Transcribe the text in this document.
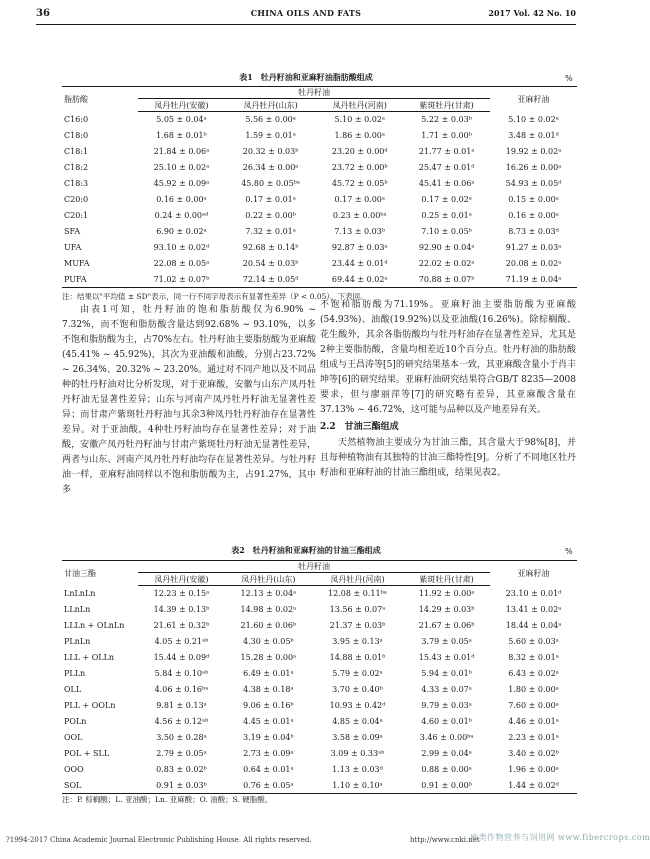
36	CHINA OILS AND FATS	2017 Vol. 42 No. 10
表1　牡丹籽油和亚麻籽油脂肪酸组成	%
脂肪酸	牡丹籽油				亚麻籽油
	凤丹牡丹(安徽)	凤丹牡丹(山东)	凤丹牡丹(河南)	紫斑牡丹(甘肃)	
C16:0	5.05 ± 0.04ᵃ	5.56 ± 0.00ᵃ	5.10 ± 0.02ᵃ	5.22 ± 0.03ᵇ	5.10 ± 0.02ᵃ
C18:0	1.68 ± 0.01ᵇ	1.59 ± 0.01ᵃ	1.86 ± 0.00ᵃ	1.71 ± 0.00ᵇ	3.48 ± 0.01ᵈ
C18:1	21.84 ± 0.06ᵃ	20.32 ± 0.03ᵇ	23.20 ± 0.00ᵈ	21.77 ± 0.01ᵃ	19.92 ± 0.02ᵃ
C18:2	25.10 ± 0.02ᵃ	26.34 ± 0.00ᵃ	23.72 ± 0.00ᵇ	25.47 ± 0.01ᵈ	16.26 ± 0.00ᵃ
C18:3	45.92 ± 0.09ᵃ	45.80 ± 0.05ᵇᵃ	45.72 ± 0.05ᵇ	45.41 ± 0.06ᵃ	54.93 ± 0.05ᵈ
C20:0	0.16 ± 0.00ᵃ	0.17 ± 0.01ᵃ	0.17 ± 0.00ᵃ	0.17 ± 0.02ᵃ	0.15 ± 0.00ᵃ
C20:1	0.24 ± 0.00ᵃᵈ	0.22 ± 0.00ᵇ	0.23 ± 0.00ᵇᵃ	0.25 ± 0.01ᵃ	0.16 ± 0.00ᵃ
SFA	6.90 ± 0.02ᵃ	7.32 ± 0.01ᵃ	7.13 ± 0.03ᵇ	7.10 ± 0.05ᵇ	8.73 ± 0.03ᵈ
UFA	93.10 ± 0.02ᵈ	92.68 ± 0.14ᵇ	92.87 ± 0.03ᵃ	92.90 ± 0.04ᵃ	91.27 ± 0.03ᵃ
MUFA	22.08 ± 0.05ᵃ	20.54 ± 0.03ᵇ	23.44 ± 0.01ᵈ	22.02 ± 0.02ᵃ	20.08 ± 0.02ᵃ
PUFA	71.02 ± 0.07ᵇ	72.14 ± 0.05ᵈ	69.44 ± 0.02ᵃ	70.88 ± 0.07ᵇ	71.19 ± 0.04ᵃ
注：结果以"平均值 ± SD"表示，同一行不同字母表示有显著性差异（P < 0.05）。下表同。

由表1可知，牡丹籽油的饱和脂肪酸仅为6.90% ~ 7.32%，而不饱和脂肪酸含量达到92.68% ~ 93.10%，以多不饱和脂肪酸为主，占70%左右。牡丹籽油主要脂肪酸为亚麻酸(45.41% ~ 45.92%)，其次为亚油酸和油酸，分别占23.72% ~ 26.34%、20.32% ~ 23.20%。通过对不同产地以及不同品种的牡丹籽油对比分析发现，对于亚麻酸，安徽与山东产凤丹牡丹籽油无显著性差异；山东与河南产凤丹牡丹籽油无显著性差异；而甘肃产紫斑牡丹籽油与其余3种凤丹牡丹籽油存在显著性差异。对于亚油酸，4种牡丹籽油均存在显著性差异；对于油酸，安徽产凤丹牡丹籽油与甘肃产紫斑牡丹籽油无显著性差异，两者与山东、河南产凤丹牡丹籽油均存在显著性差异。与牡丹籽油一样，亚麻籽油同样以不饱和脂肪酸为主，占91.27%，其中多

不饱和脂肪酸为71.19%。亚麻籽油主要脂肪酸为亚麻酸(54.93%)、油酸(19.92%)以及亚油酸(16.26%)。除棕榈酸、花生酸外，其余各脂肪酸均与牡丹籽油存在显著性差异，尤其是2种主要脂肪酸，含量均相差近10个百分点。牡丹籽油的脂肪酸组成与王昌涛等[5]的研究结果基本一致，其亚麻酸含量小于肖丰坤等[6]的研究结果。亚麻籽油研究结果符合GB/T 8235—2008要求，但与廖丽萍等[7]的研究略有差异，其亚麻酸含量在37.13% ~ 46.72%，这可能与品种以及产地差异有关。

2.2　甘油三酯组成

天然植物油主要成分为甘油三酯，其含量大于98%[8]，并且每种植物油有其独特的甘油三酯特性[9]。分析了不同地区牡丹籽油和亚麻籽油的甘油三酯组成，结果见表2。

表2　牡丹籽油和亚麻籽油的甘油三酯组成	%
甘油三酯	牡丹籽油				亚麻籽油
	凤丹牡丹(安徽)	凤丹牡丹(山东)	凤丹牡丹(河南)	紫斑牡丹(甘肃)	
LnLnLn	12.23 ± 0.15ᵃ	12.13 ± 0.04ᵃ	12.08 ± 0.11ᵇᵃ	11.92 ± 0.00ᵃ	23.10 ± 0.01ᵈ
LLnLn	14.39 ± 0.13ᵇ	14.98 ± 0.02ᵃ	13.56 ± 0.07ᵃ	14.29 ± 0.03ᵇ	13.41 ± 0.02ᵃ
LLLn + OLnLn	21.61 ± 0.32ᵇ	21.60 ± 0.06ᵇ	21.37 ± 0.03ᵇ	21.67 ± 0.06ᵇ	18.44 ± 0.04ᵃ
PLnLn	4.05 ± 0.21ᵃᵇ	4.30 ± 0.05ᵇ	3.95 ± 0.13ᵃ	3.79 ± 0.05ᵃ	5.60 ± 0.03ᵃ
LLL + OLLn	15.44 ± 0.09ᵈ	15.28 ± 0.00ᵃ	14.88 ± 0.01ᵇ	15.43 ± 0.01ᵈ	8.32 ± 0.01ᵃ
PLLn	5.84 ± 0.10ᵃᵇ	6.49 ± 0.01ᵃ	5.79 ± 0.02ᵃ	5.94 ± 0.01ᵇ	6.43 ± 0.02ᵃ
OLL	4.06 ± 0.16ᵇᵃ	4.38 ± 0.18ᵃ	3.70 ± 0.40ᵇ	4.33 ± 0.07ᵃ	1.80 ± 0.00ᵃ
PLL + OOLn	9.81 ± 0.13ᵃ	9.06 ± 0.16ᵇ	10.93 ± 0.42ᵈ	9.79 ± 0.03ᵃ	7.60 ± 0.00ᵃ
POLn	4.56 ± 0.12ᵃᵇ	4.45 ± 0.01ᵃ	4.85 ± 0.04ᵃ	4.60 ± 0.01ᵇ	4.46 ± 0.01ᵃ
OOL	3.50 ± 0.28ᵃ	3.19 ± 0.04ᵇ	3.58 ± 0.09ᵃ	3.46 ± 0.00ᵇᵃ	2.23 ± 0.01ᵃ
POL + SLL	2.79 ± 0.05ᵃ	2.73 ± 0.09ᵃ	3.09 ± 0.33ᵃᵇ	2.99 ± 0.04ᵃ	3.40 ± 0.02ᵇ
OOO	0.83 ± 0.02ᵇ	0.64 ± 0.01ᵃ	1.13 ± 0.03ᵈ	0.88 ± 0.00ᵃ	1.96 ± 0.00ᵃ
SOL	0.91 ± 0.03ᵇ	0.76 ± 0.05ᵃ	1.10 ± 0.10ᵃ	0.91 ± 0.00ᵇ	1.44 ± 0.02ᵈ
注：P. 棕榈酸；L. 亚油酸；Ln. 亚麻酸；O. 油酸；S. 硬脂酸。
?1994-2017 China Academic Journal Electronic Publishing House. All rights reserved.	http://www.cnki.net
麻类作物营养与饲用网 www.fibercrops.com
